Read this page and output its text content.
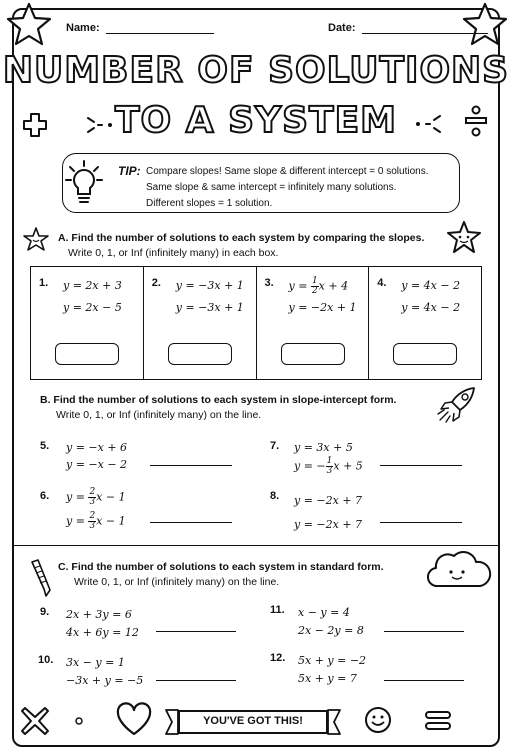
Name:	Date:
NUMBER OF SOLUTIONS
TO A SYSTEM
TIP: Compare slopes! Same slope & different intercept = 0 solutions.
Same slope & same intercept = infinitely many solutions.
Different slopes = 1 solution.
A. Find the number of solutions to each system by comparing the slopes.
Write 0, 1, or Inf (infinitely many) in each box.
1. y = 2x + 3
y = 2x − 5
2. y = −3x + 1
y = −3x + 1
3. $y = \frac{1}{2}$ x + 4
y = −2x + 1
4. y = 4x − 2
y = 4x − 2
B. Find the number of solutions to each system in slope-intercept form.
Write 0, 1, or Inf (infinitely many) on the line.
5. y = −x + 6
y = −x − 2
7. y = 3x + 5
y = − $\frac{1}{3}$ x + 5
6. $y = \frac{2}{3}$ x − 1
$y = \frac{2}{3}$ x − 1
8. y = −2x + 7
y = −2x + 7
C. Find the number of solutions to each system in standard form.
Write 0, 1, or Inf (infinitely many) on the line.
9. 2x + 3y = 6
4x + 6y = 12
11. x − y = 4
2x − 2y = 8
10. 3x − y = 1
−3x + y = −5
12. 5x + y = −2
5x + y = 7
YOU'VE GOT THIS!
